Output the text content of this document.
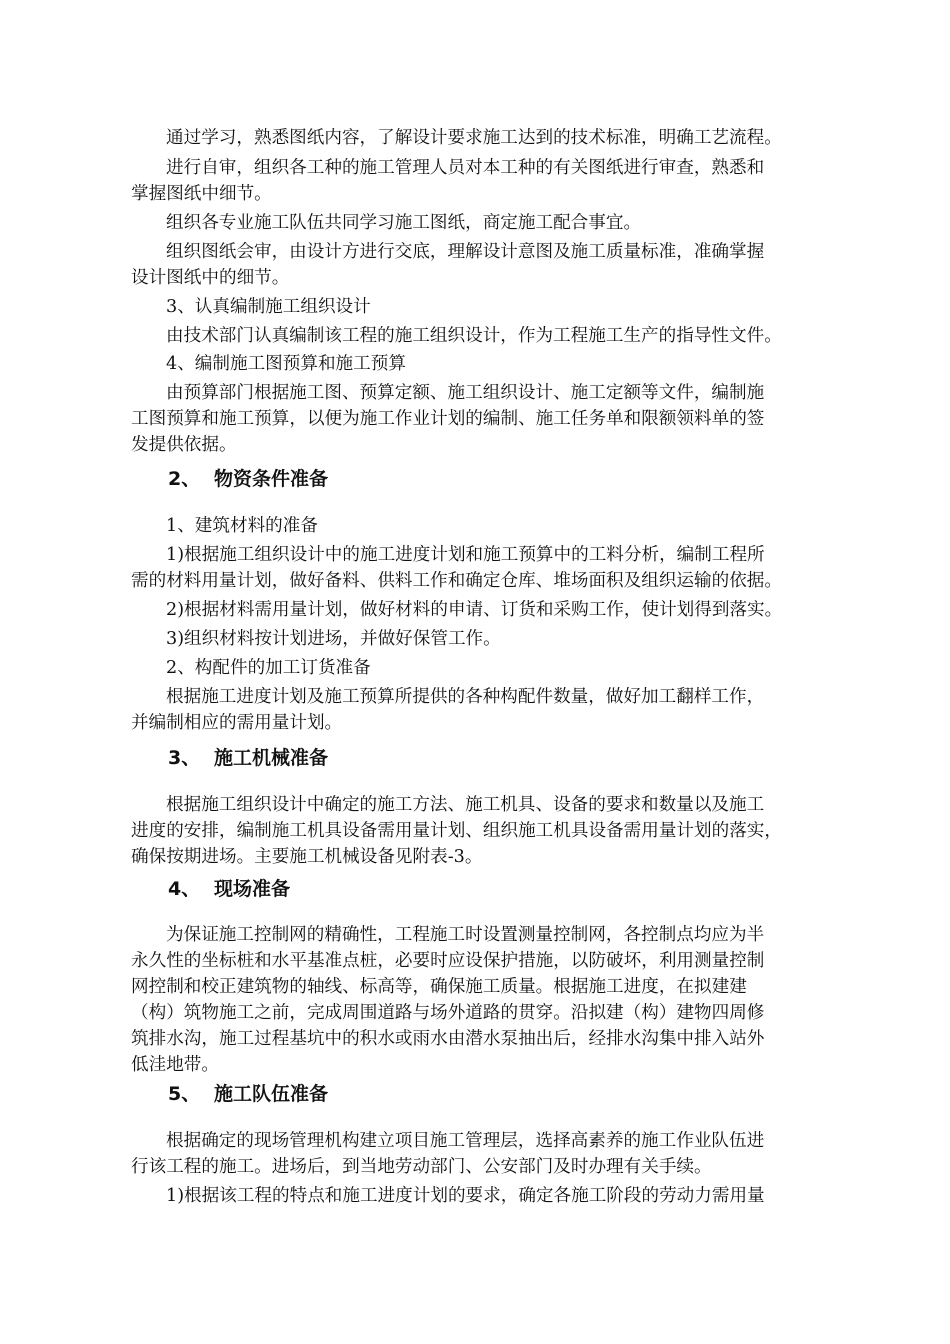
通过学习，熟悉图纸内容，了解设计要求施工达到的技术标准，明确工艺流程。
进行自审，组织各工种的施工管理人员对本工种的有关图纸进行审查，熟悉和
掌握图纸中细节。
组织各专业施工队伍共同学习施工图纸，商定施工配合事宜。
组织图纸会审，由设计方进行交底，理解设计意图及施工质量标准，准确掌握
设计图纸中的细节。
3、认真编制施工组织设计
由技术部门认真编制该工程的施工组织设计，作为工程施工生产的指导性文件。
4、编制施工图预算和施工预算
由预算部门根据施工图、预算定额、施工组织设计、施工定额等文件，编制施
工图预算和施工预算，以便为施工作业计划的编制、施工任务单和限额领料单的签
发提供依据。
2、 物资条件准备
1、建筑材料的准备
1)根据施工组织设计中的施工进度计划和施工预算中的工料分析，编制工程所
需的材料用量计划，做好备料、供料工作和确定仓库、堆场面积及组织运输的依据。
2)根据材料需用量计划，做好材料的申请、订货和采购工作，使计划得到落实。
3)组织材料按计划进场，并做好保管工作。
2、构配件的加工订货准备
根据施工进度计划及施工预算所提供的各种构配件数量，做好加工翻样工作，
并编制相应的需用量计划。
3、 施工机械准备
根据施工组织设计中确定的施工方法、施工机具、设备的要求和数量以及施工
进度的安排，编制施工机具设备需用量计划、组织施工机具设备需用量计划的落实，
确保按期进场。主要施工机械设备见附表-3。
4、 现场准备
为保证施工控制网的精确性，工程施工时设置测量控制网，各控制点均应为半
永久性的坐标桩和水平基准点桩，必要时应设保护措施，以防破坏，利用测量控制
网控制和校正建筑物的轴线、标高等，确保施工质量。根据施工进度，在拟建建
（构）筑物施工之前，完成周围道路与场外道路的贯穿。沿拟建（构）建物四周修
筑排水沟，施工过程基坑中的积水或雨水由潜水泵抽出后，经排水沟集中排入站外
低洼地带。
5、 施工队伍准备
根据确定的现场管理机构建立项目施工管理层，选择高素养的施工作业队伍进
行该工程的施工。进场后，到当地劳动部门、公安部门及时办理有关手续。
1)根据该工程的特点和施工进度计划的要求，确定各施工阶段的劳动力需用量
